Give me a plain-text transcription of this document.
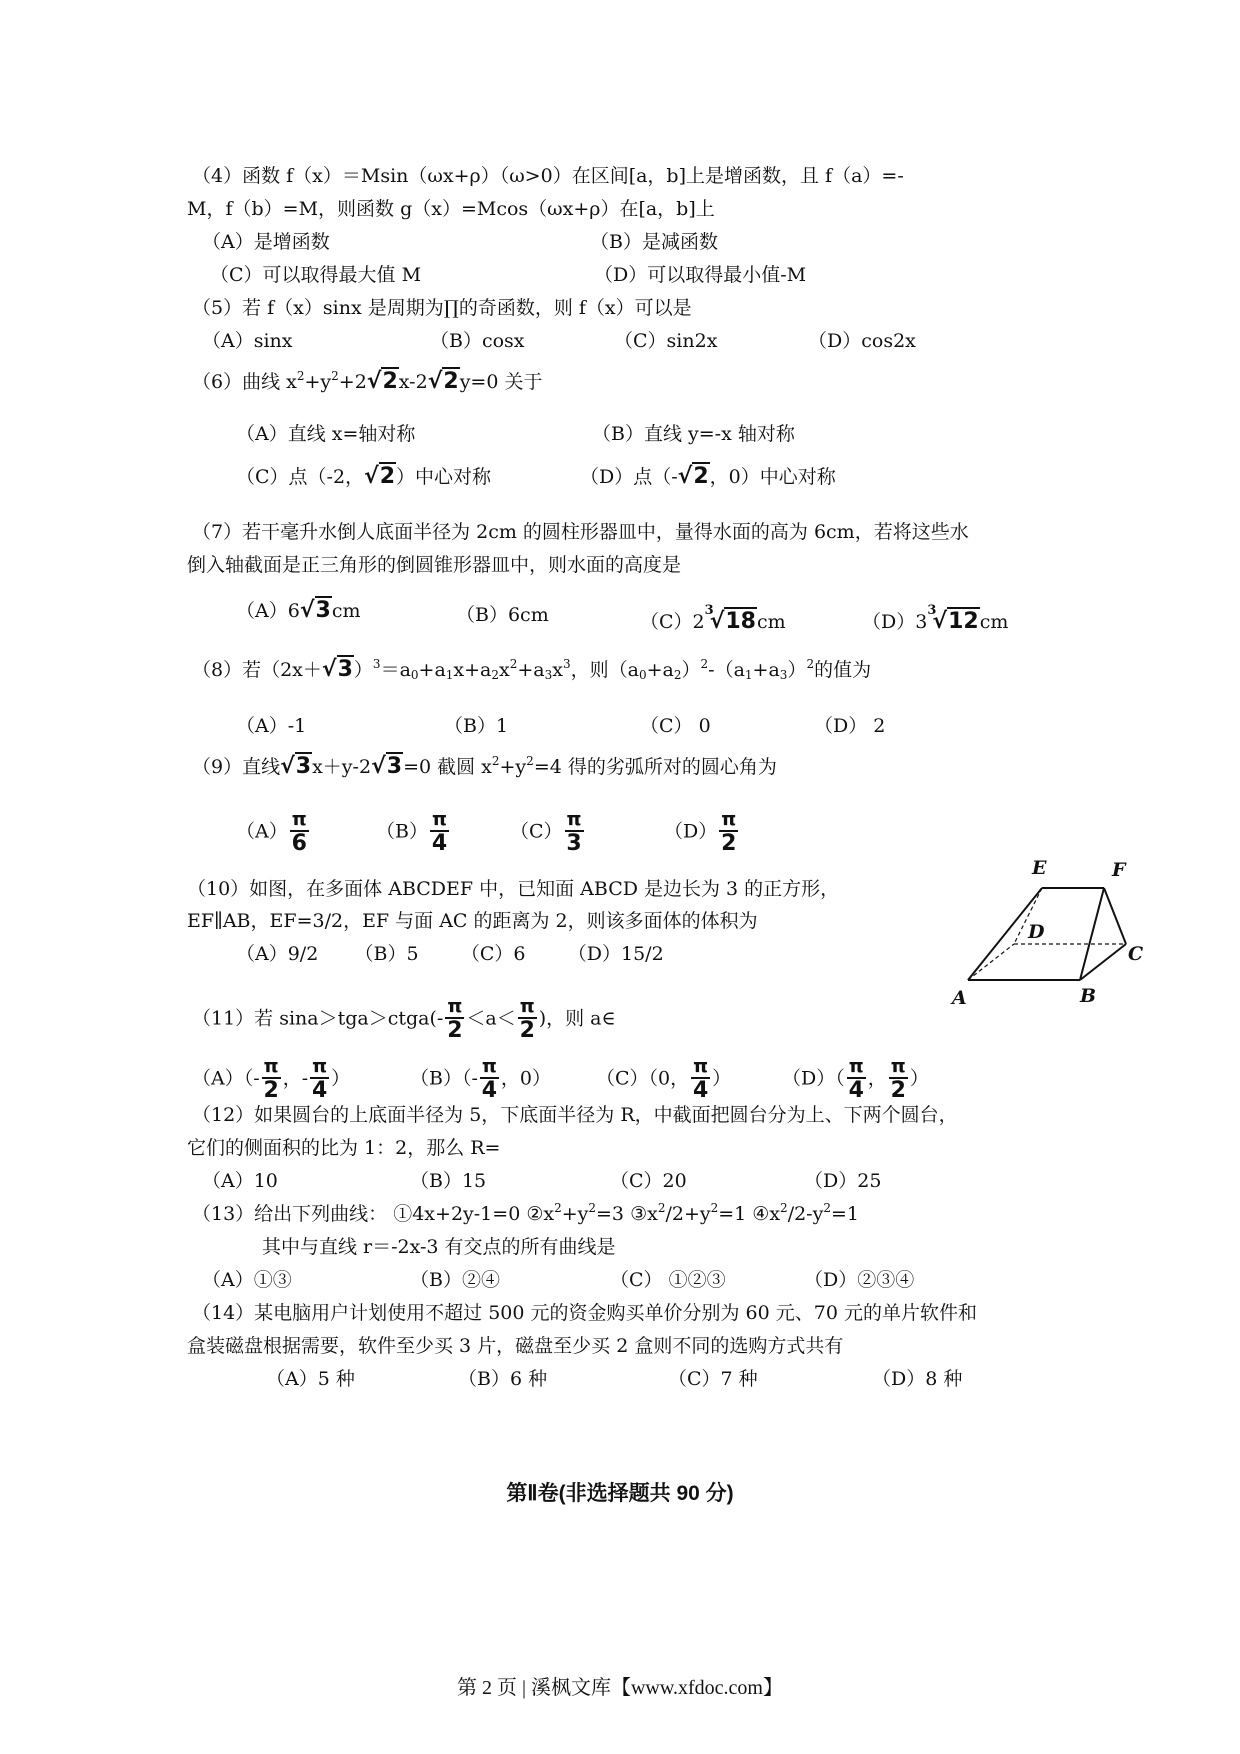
（4）函数 f（x）＝Msin（ωx+ρ）（ω>0）在区间[a，b]上是增函数，且 f（a）=-
M，f（b）=M，则函数 g（x）=Mcos（ωx+ρ）在[a，b]上
（A）是增函数	（B）是减函数
（C）可以取得最大值 M	（D）可以取得最小值-M
（5）若 f（x）sinx 是周期为∏的奇函数，则 f（x）可以是
（A）sinx	（B）cosx	（C）sin2x	（D）cos2x
（6）曲线 $x^2+y^2+2√2x-2√2y=0$ 关于
（A）直线 x=轴对称	（B）直线 y=-x 轴对称
（C）点（-2，√2）中心对称	（D）点（-√2，0）中心对称
（7）若干毫升水倒人底面半径为 2cm 的圆柱形器皿中，量得水面的高为 6cm，若将这些水
倒入轴截面是正三角形的倒圆锥形器皿中，则水面的高度是
（A）6√3cm	（B）6cm	$(C)2^3√18cm$	$(D)3^3√12cm$
（8）若$(2x+√3)^3=a_0+a_1x+a_2x^2+a_3x^3$，则$(a_0+a_2)^2-(a_1+a_3)^2$的值为
（A）-1	（B）1	（C） 0	（D） 2
（9）直线√3x＋y-2√3=0 截圆 $x^2+y^2=4$ 得的劣弧所对的圆心角为
$(A) \frac{\pi}{6}$	$(B) \frac{\pi}{4}$	$(C) \frac{\pi}{3}$	$(D) \frac{\pi}{2}$
（10）如图，在多面体 ABCDEF 中，已知面 ABCD 是边长为 3 的正方形，
EF∥AB，EF=3/2，EF 与面 AC 的距离为 2，则该多面体的体积为
（A）9/2      （B）5       （C）6       （D）15/2
E	F
D
C
A	B
（11）若 sina＞tga＞ctga(- $\frac{\pi}{2} <a< \frac{\pi}{2}$ )，则 a∈
$(A)(- \frac{\pi}{2}$ ，- $\frac{\pi}{4}$ ）	$(B)(- \frac{\pi}{4}$ ，0） （C）（0， $\frac{\pi}{4}$ ）	$(D)( \frac{\pi}{4}$ ， $\frac{\pi}{2}$ ）
（12）如果圆台的上底面半径为 5，下底面半径为 R，中截面把圆台分为上、下两个圆台，
它们的侧面积的比为 1：2，那么 R=
（A）10	（B）15	（C）20	（D）25
（13）给出下列曲线： ①4x+2y-1=0 $②x^2+y^2=3$ $③x^2/2+y^2=1$ $④x^2/2-y^2=1$
其中与直线 r＝-2x-3 有交点的所有曲线是
（A）①③	（B）②④	（C） ①②③	（D）②③④
（14）某电脑用户计划使用不超过 500 元的资金购买单价分别为 60 元、70 元的单片软件和
盒装磁盘根据需要，软件至少买 3 片，磁盘至少买 2 盒则不同的选购方式共有
（A）5 种	（B）6 种	（C）7 种	（D）8 种
第Ⅱ卷(非选择题共 90 分)
第 2 页 | 溪枫文库【www.xfdoc.com】
